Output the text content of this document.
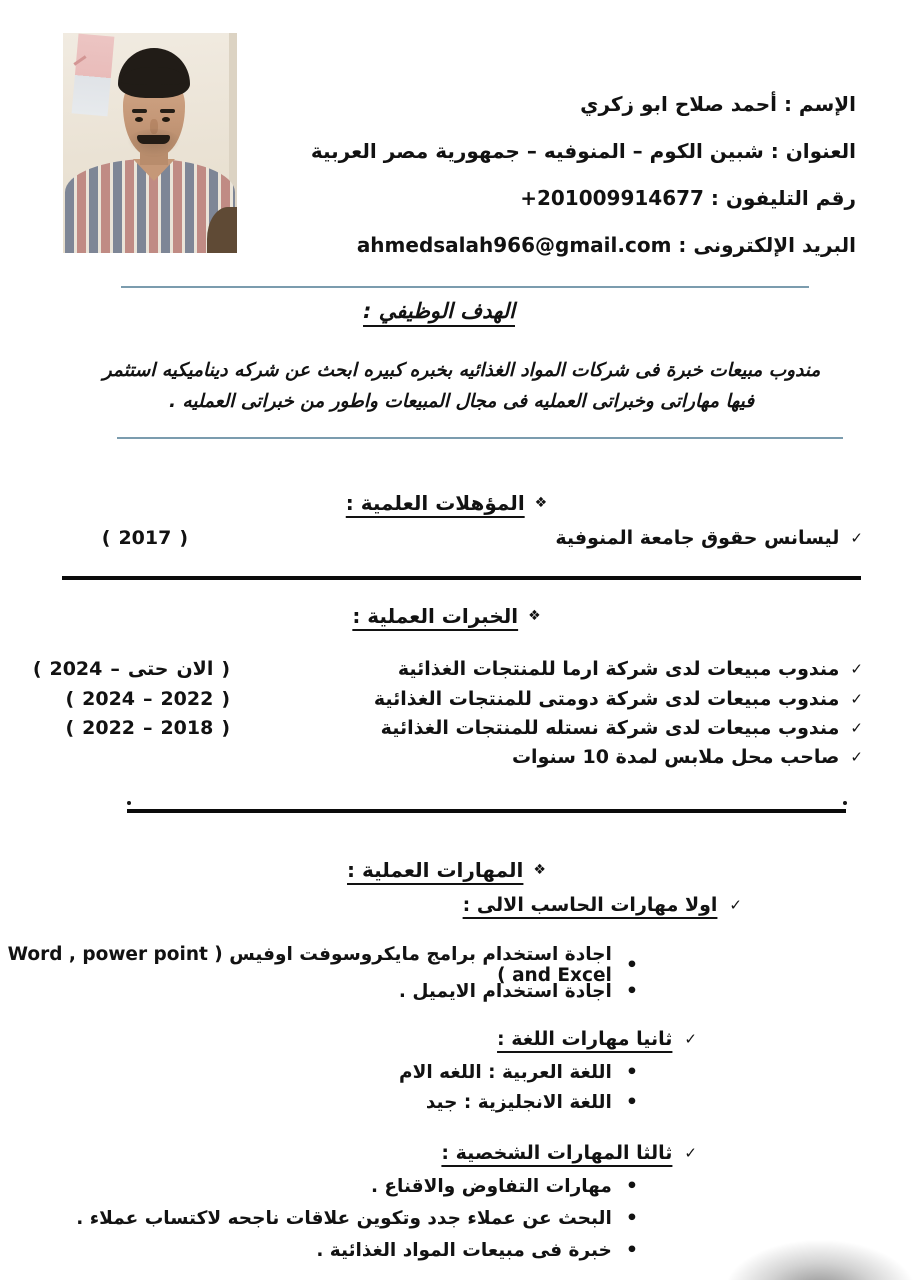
الإسم : أحمد صلاح ابو زكري
العنوان : شبين الكوم – المنوفيه – جمهورية مصر العربية
رقم التليفون : 201009914677+
البريد الإلكترونى : ahmedsalah966@gmail.com
الهدف الوظيفي :
مندوب مبيعات خبرة فى شركات المواد الغذائيه بخبره كبيره ابحث عن شركه ديناميكيه استثمر
فيها مهاراتى وخبراتى العمليه فى مجال المبيعات واطور من خبراتى العمليه .
❖
المؤهلات العلمية :
✓
ليسانس حقوق جامعة المنوفية
( 2017 )
❖
الخبرات العملية :
✓
مندوب مبيعات لدى شركة ارما للمنتجات الغذائية
( 2024 – حتى الان )
✓
مندوب مبيعات لدى شركة دومتى للمنتجات الغذائية
( 2024 – 2022 )
✓
مندوب مبيعات لدى شركة نستله للمنتجات الغذائية
( 2022 – 2018 )
✓
صاحب محل ملابس لمدة 10 سنوات
❖
المهارات العملية :
✓
اولا مهارات الحاسب الالى :
•
اجادة استخدام برامج مايكروسوفت اوفيس ( Word , power point and Excel )
•
اجادة استخدام الايميل .
✓
ثانيا مهارات اللغة :
•
اللغة العربية : اللغه الام
•
اللغة الانجليزية : جيد
✓
ثالثا المهارات الشخصية :
•
مهارات التفاوض والاقناع .
•
البحث عن عملاء جدد وتكوين علاقات ناجحه لاكتساب عملاء .
•
خبرة فى مبيعات المواد الغذائية .
